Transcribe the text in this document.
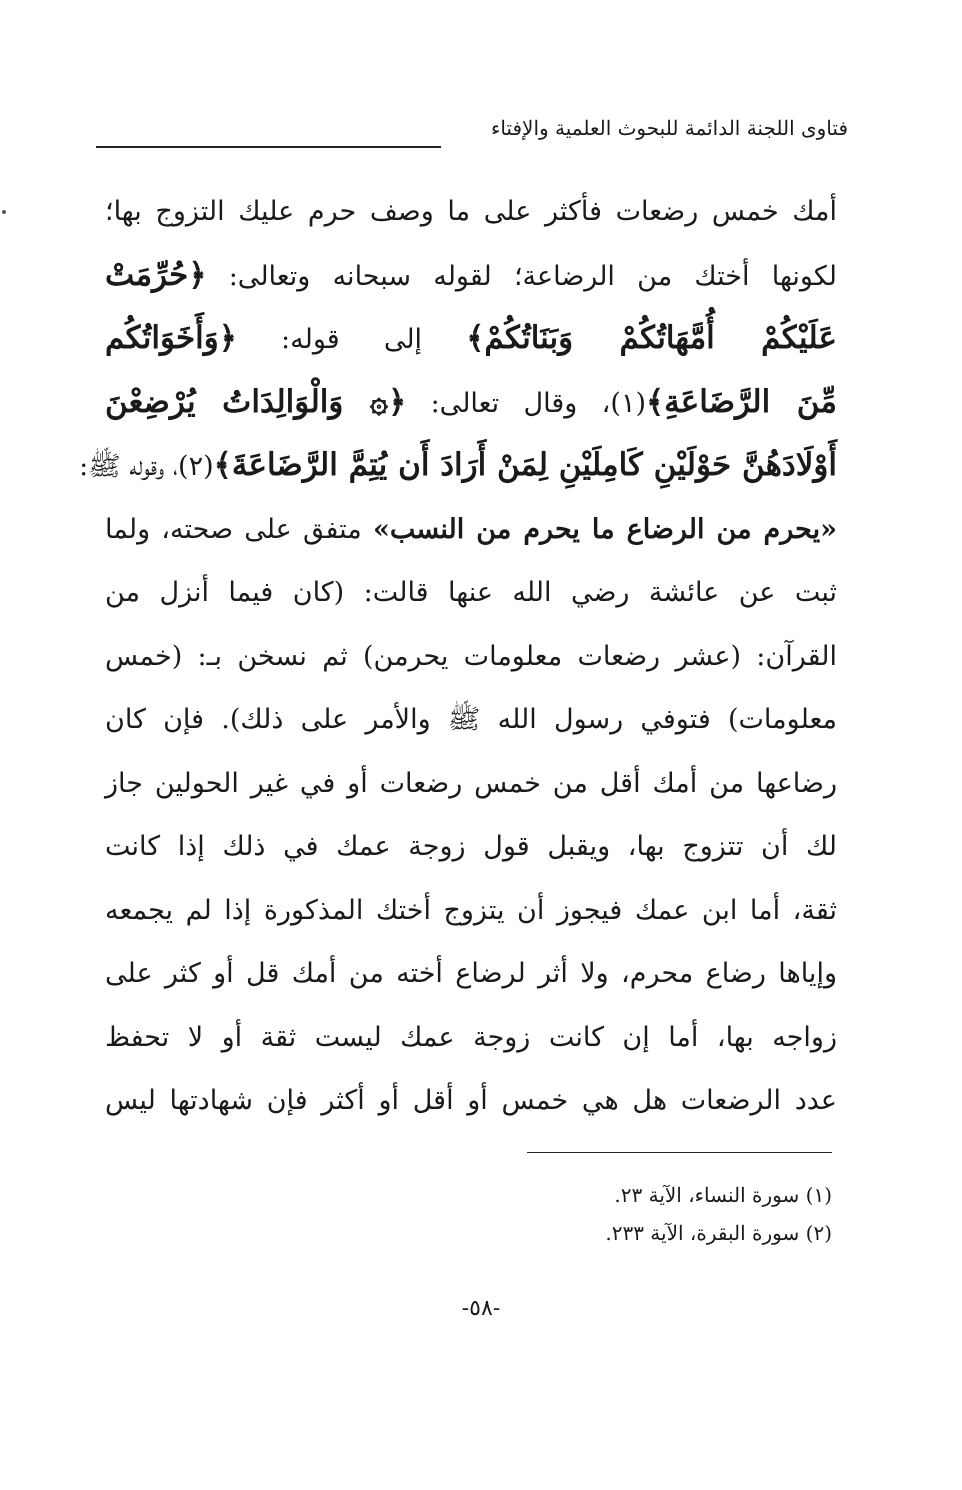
فتاوى اللجنة الدائمة للبحوث العلمية والإفتاء
أمك خمس رضعات فأكثر على ما وصف حرم عليك التزوج بها؛
لكونها أختك من الرضاعة؛ لقوله سبحانه وتعالى: ﴿حُرِّمَتْ
عَلَيْكُمْ أُمَّهَاتُكُمْ وَبَنَاتُكُمْ﴾ إلى قوله: ﴿وَأَخَوَاتُكُم
مِّنَ الرَّضَاعَةِ﴾(١)، وقال تعالى: ﴿۞ وَالْوَالِدَاتُ يُرْضِعْنَ
أَوْلَادَهُنَّ حَوْلَيْنِ كَامِلَيْنِ لِمَنْ أَرَادَ أَن يُتِمَّ الرَّضَاعَةَ﴾(٢)، وقوله ﷺ:
«يحرم من الرضاع ما يحرم من النسب» متفق على صحته، ولما
ثبت عن عائشة رضي الله عنها قالت: (كان فيما أنزل من
القرآن: (عشر رضعات معلومات يحرمن) ثم نسخن بـ: (خمس
معلومات) فتوفي رسول الله ﷺ والأمر على ذلك). فإن كان
رضاعها من أمك أقل من خمس رضعات أو في غير الحولين جاز
لك أن تتزوج بها، ويقبل قول زوجة عمك في ذلك إذا كانت
ثقة، أما ابن عمك فيجوز أن يتزوج أختك المذكورة إذا لم يجمعه
وإياها رضاع محرم، ولا أثر لرضاع أخته من أمك قل أو كثر على
زواجه بها، أما إن كانت زوجة عمك ليست ثقة أو لا تحفظ
عدد الرضعات هل هي خمس أو أقل أو أكثر فإن شهادتها ليس
(١) سورة النساء، الآية ٢٣.
(٢) سورة البقرة، الآية ٢٣٣.
-٥٨-
